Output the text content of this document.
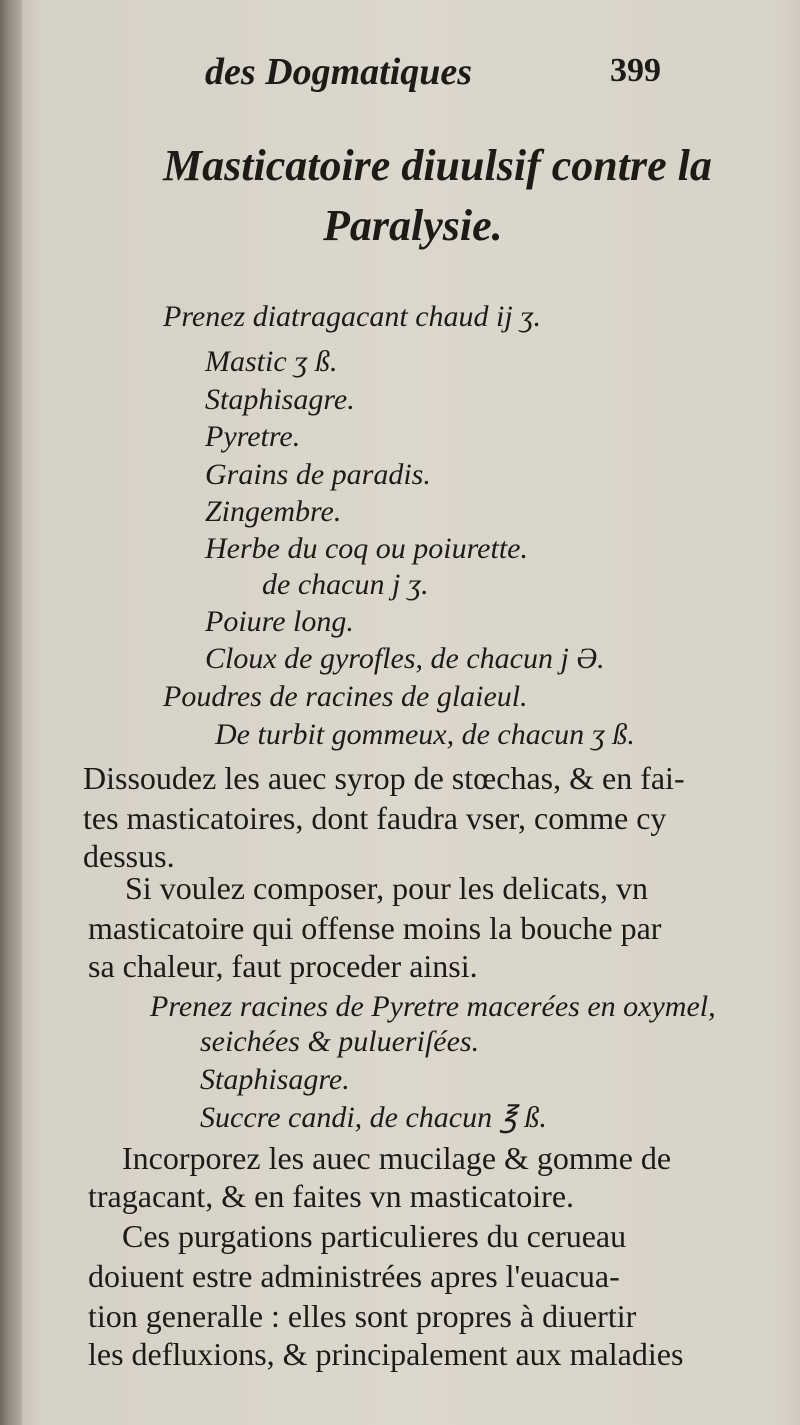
des Dogmatiques	399
Masticatoire diuulsif contre la
Paralysie.
Prenez diatragacant chaud ij ʒ.
Mastic ʒ ß.
Staphisagre.
Pyretre.
Grains de paradis.
Zingembre.
Herbe du coq ou poiurette.
de chacun j ʒ.
Poiure long.
Cloux de gyrofles, de chacun j Ə.
Poudres de racines de glaieul.
De turbit gommeux, de chacun ʒ ß.
Dissoudez les auec syrop de stœchas, & en fai-
tes masticatoires, dont faudra vser, comme cy
dessus.
Si voulez composer, pour les delicats, vn
masticatoire qui offense moins la bouche par
sa chaleur, faut proceder ainsi.
Prenez racines de Pyretre macerées en oxymel,
seichées & pulueriſées.
Staphisagre.
Succre candi, de chacun ℥ ß.
Incorporez les auec mucilage & gomme de
tragacant, & en faites vn masticatoire.
Ces purgations particulieres du cerueau
doiuent estre administrées apres l'euacua-
tion generalle : elles sont propres à diuertir
les defluxions, & principalement aux maladies
